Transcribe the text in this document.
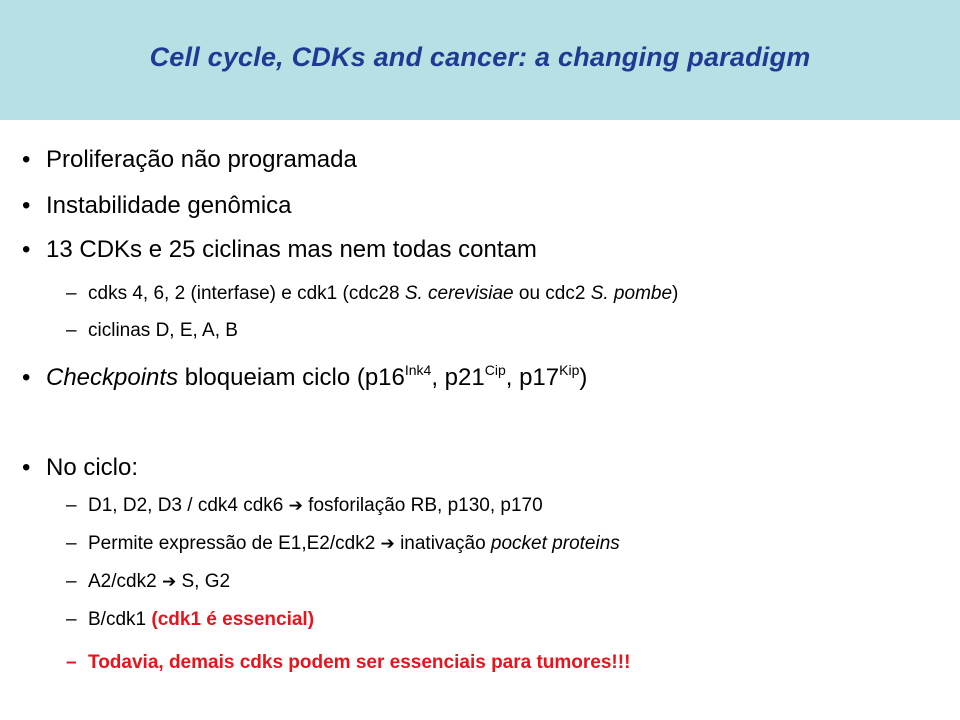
Cell cycle, CDKs and cancer: a changing paradigm
• Proliferação não programada
• Instabilidade genômica
• 13 CDKs e 25 ciclinas mas nem todas contam
– cdks 4, 6, 2 (interfase) e cdk1 (cdc28 S. cerevisiae ou cdc2 S. pombe)
– ciclinas D, E, A, B
• Checkpoints bloqueiam ciclo ($p16^{Ink4}$, $p21^{Cip}$, $p17^{Kip}$)
• No ciclo:
– D1, D2, D3 / cdk4 cdk6 ➔ fosforilação RB, p130, p170
– Permite expressão de E1,E2/cdk2 ➔ inativação pocket proteins
– A2/cdk2 ➔ S, G2
– B/cdk1 (cdk1 é essencial)
– Todavia, demais cdks podem ser essenciais para tumores!!!
